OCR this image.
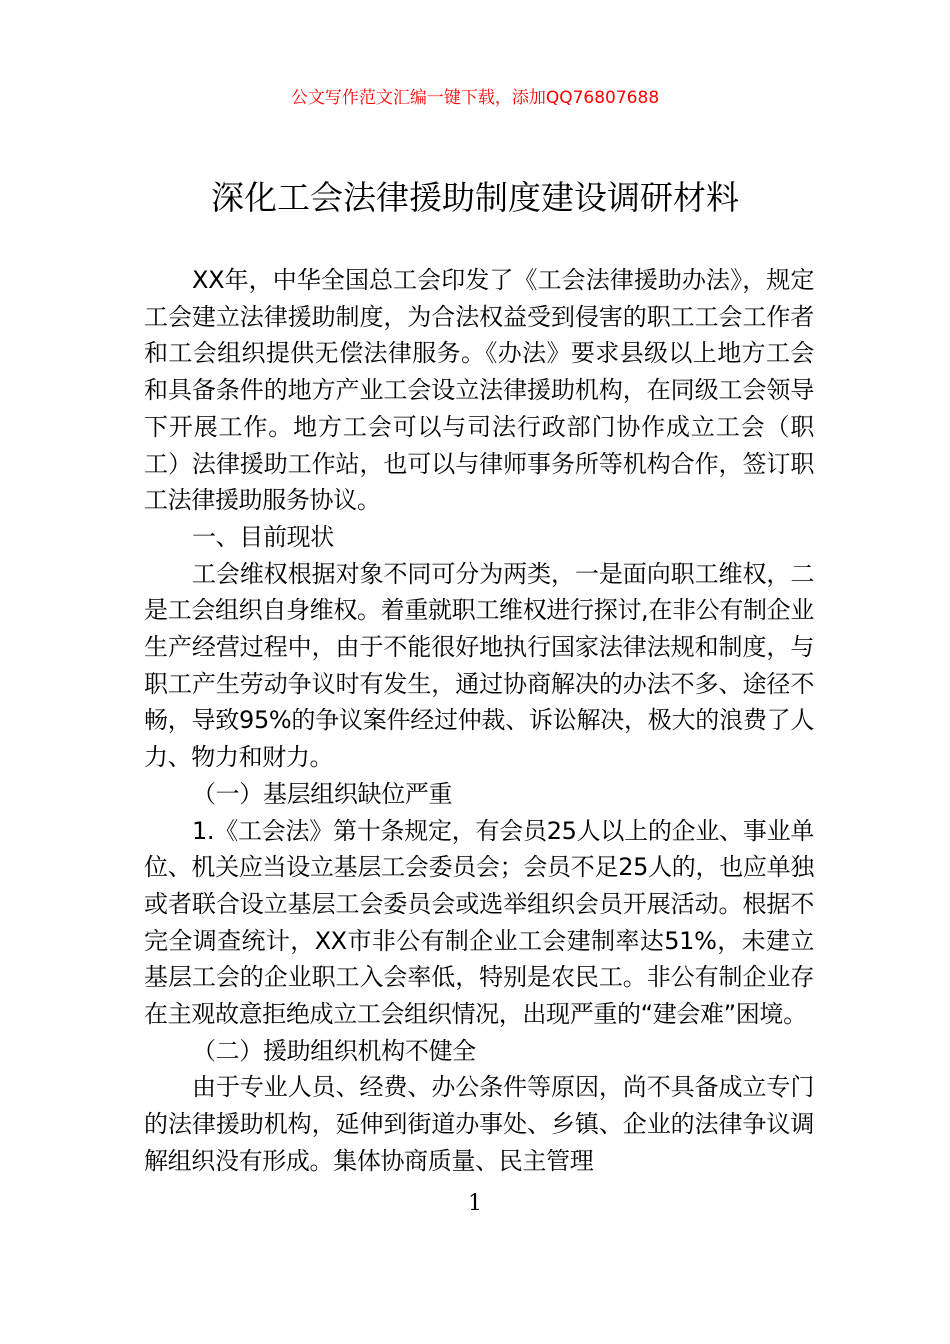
公文写作范文汇编一键下载，添加QQ76807688
深化工会法律援助制度建设调研材料

XX年，中华全国总工会印发了《工会法律援助办法》，规定工会建立法律援助制度，为合法权益受到侵害的职工工会工作者和工会组织提供无偿法律服务。《办法》要求县级以上地方工会和具备条件的地方产业工会设立法律援助机构，在同级工会领导下开展工作。地方工会可以与司法行政部门协作成立工会（职工）法律援助工作站，也可以与律师事务所等机构合作，签订职工法律援助服务协议。

一、目前现状

工会维权根据对象不同可分为两类，一是面向职工维权，二是工会组织自身维权。着重就职工维权进行探讨,在非公有制企业生产经营过程中，由于不能很好地执行国家法律法规和制度，与职工产生劳动争议时有发生，通过协商解决的办法不多、途径不畅，导致95%的争议案件经过仲裁、诉讼解决，极大的浪费了人力、物力和财力。

（一）基层组织缺位严重

1.《工会法》第十条规定，有会员25人以上的企业、事业单位、机关应当设立基层工会委员会；会员不足25人的，也应单独或者联合设立基层工会委员会或选举组织会员开展活动。根据不完全调查统计，XX市非公有制企业工会建制率达51%，未建立基层工会的企业职工入会率低，特别是农民工。非公有制企业存在主观故意拒绝成立工会组织情况，出现严重的“建会难”困境。

（二）援助组织机构不健全

由于专业人员、经费、办公条件等原因，尚不具备成立专门的法律援助机构，延伸到街道办事处、乡镇、企业的法律争议调解组织没有形成。集体协商质量、民主管理

1
